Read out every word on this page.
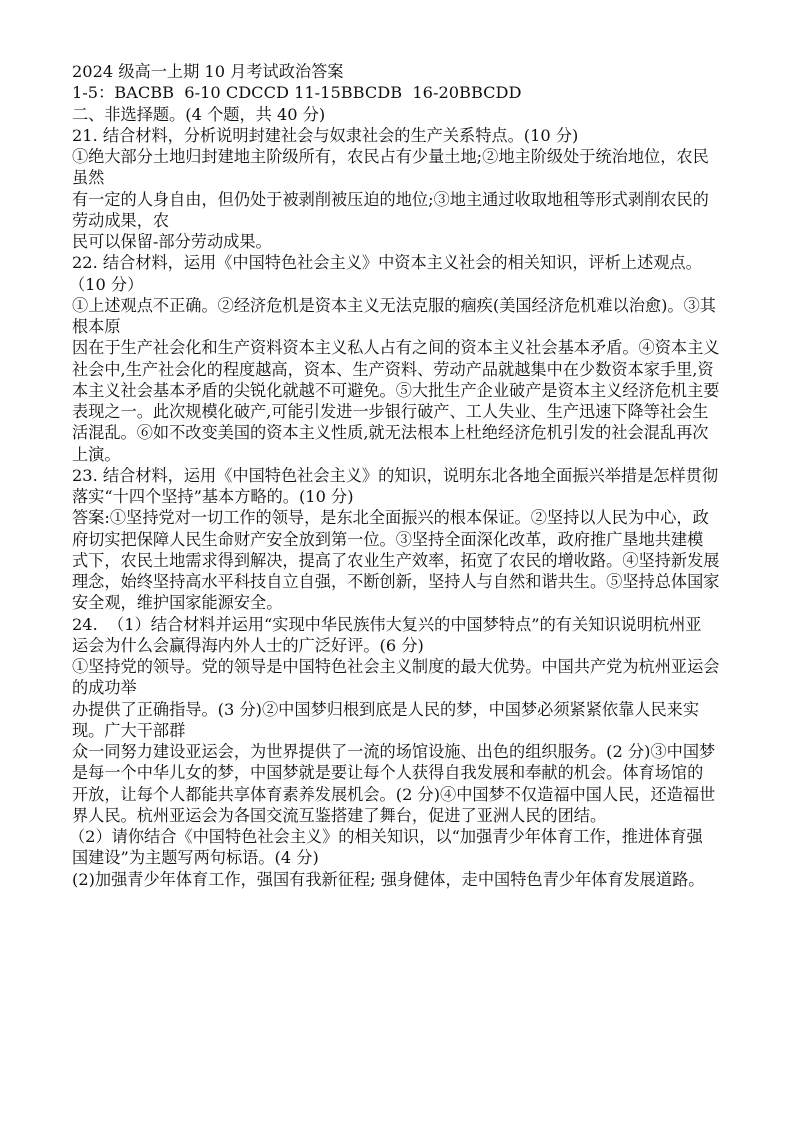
2024 级高一上期 10 月考试政治答案
1-5：BACBB  6-10 CDCCD 11-15BBCDB  16-20BBCDD
二、非选择题。(4 个题，共 40 分)
21. 结合材料，分析说明封建社会与奴隶社会的生产关系特点。(10 分)
①绝大部分土地归封建地主阶级所有，农民占有少量土地;②地主阶级处于统治地位，农民
虽然
有一定的人身自由，但仍处于被剥削被压迫的地位;③地主通过收取地租等形式剥削农民的
劳动成果，农
民可以保留-部分劳动成果。
22. 结合材料，运用《中国特色社会主义》中资本主义社会的相关知识，评析上述观点。
（10 分）
①上述观点不正确。②经济危机是资本主义无法克服的痼疾(美国经济危机难以治愈)。③其
根本原
因在于生产社会化和生产资料资本主义私人占有之间的资本主义社会基本矛盾。④资本主义
社会中,生产社会化的程度越高，资本、生产资料、劳动产品就越集中在少数资本家手里,资
本主义社会基本矛盾的尖锐化就越不可避免。⑤大批生产企业破产是资本主义经济危机主要
表现之一。此次规模化破产,可能引发进一步银行破产、工人失业、生产迅速下降等社会生
活混乱。⑥如不改变美国的资本主义性质,就无法根本上杜绝经济危机引发的社会混乱再次
上演。
23. 结合材料，运用《中国特色社会主义》的知识，说明东北各地全面振兴举措是怎样贯彻
落实“十四个坚持”基本方略的。(10 分)
答案:①坚持党对一切工作的领导，是东北全面振兴的根本保证。②坚持以人民为中心，政
府切实把保障人民生命财产安全放到第一位。③坚持全面深化改革，政府推广垦地共建模
式下，农民土地需求得到解决，提高了农业生产效率，拓宽了农民的增收路。④坚持新发展
理念，始终坚持高水平科技自立自强，不断创新，坚持人与自然和谐共生。⑤坚持总体国家
安全观，维护国家能源安全。
24.  （1）结合材料并运用“实现中华民族伟大复兴的中国梦特点”的有关知识说明杭州亚
运会为什么会赢得海内外人士的广泛好评。(6 分)
①坚持党的领导。党的领导是中国特色社会主义制度的最大优势。中国共产党为杭州亚运会
的成功举
办提供了正确指导。(3 分)②中国梦归根到底是人民的梦，中国梦必须紧紧依靠人民来实
现。广大干部群
众一同努力建设亚运会，为世界提供了一流的场馆设施、出色的组织服务。(2 分)③中国梦
是每一个中华儿女的梦，中国梦就是要让每个人获得自我发展和奉献的机会。体育场馆的
开放，让每个人都能共享体育素养发展机会。(2 分)④中国梦不仅造福中国人民，还造福世
界人民。杭州亚运会为各国交流互鉴搭建了舞台，促进了亚洲人民的团结。
（2）请你结合《中国特色社会主义》的相关知识，以“加强青少年体育工作，推进体育强
国建设”为主题写两句标语。(4 分)
(2)加强青少年体育工作，强国有我新征程; 强身健体，走中国特色青少年体育发展道路。
